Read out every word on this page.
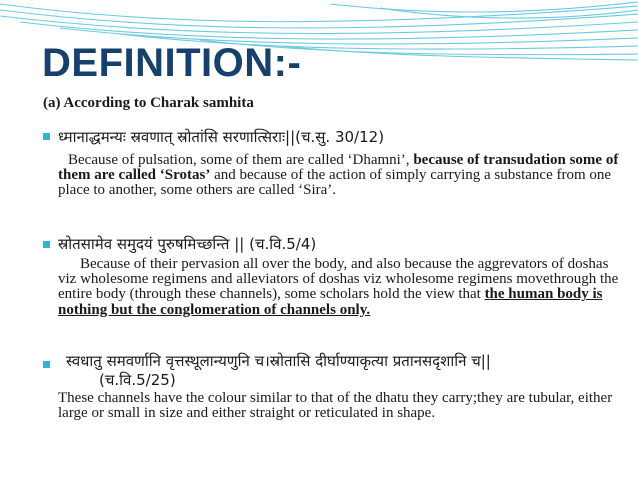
DEFINITION:-
(a) According to Charak samhita
ध्मानाद्धमन्यः स्रवणात् स्रोतांसि सरणात्सिराः||(च.सु. 30/12)
Because of pulsation, some of them are called ‘Dhamni’, because of transudation some of them are called ‘Srotas’ and because of the action of simply carrying a substance from one place to another, some others are called ‘Sira’.
स्रोतसामेव समुदयं पुरुषमिच्छन्ति || (च.वि.5/4)
Because of their pervasion all over the body, and also because the aggrevators of doshas viz wholesome regimens and alleviators of doshas viz wholesome regimens movethrough the entire body (through these channels), some scholars hold the view that the human body is nothing but the conglomeration of channels only.
स्वधातु समवर्णानि वृत्तस्थूलान्यणुनि च।स्रोतासि दीर्घाण्याकृत्या प्रतानसदृशानि च||
(च.वि.5/25)
These channels have the colour similar to that of the dhatu they carry;they are tubular, either large or small in size and either straight or reticulated in shape.
